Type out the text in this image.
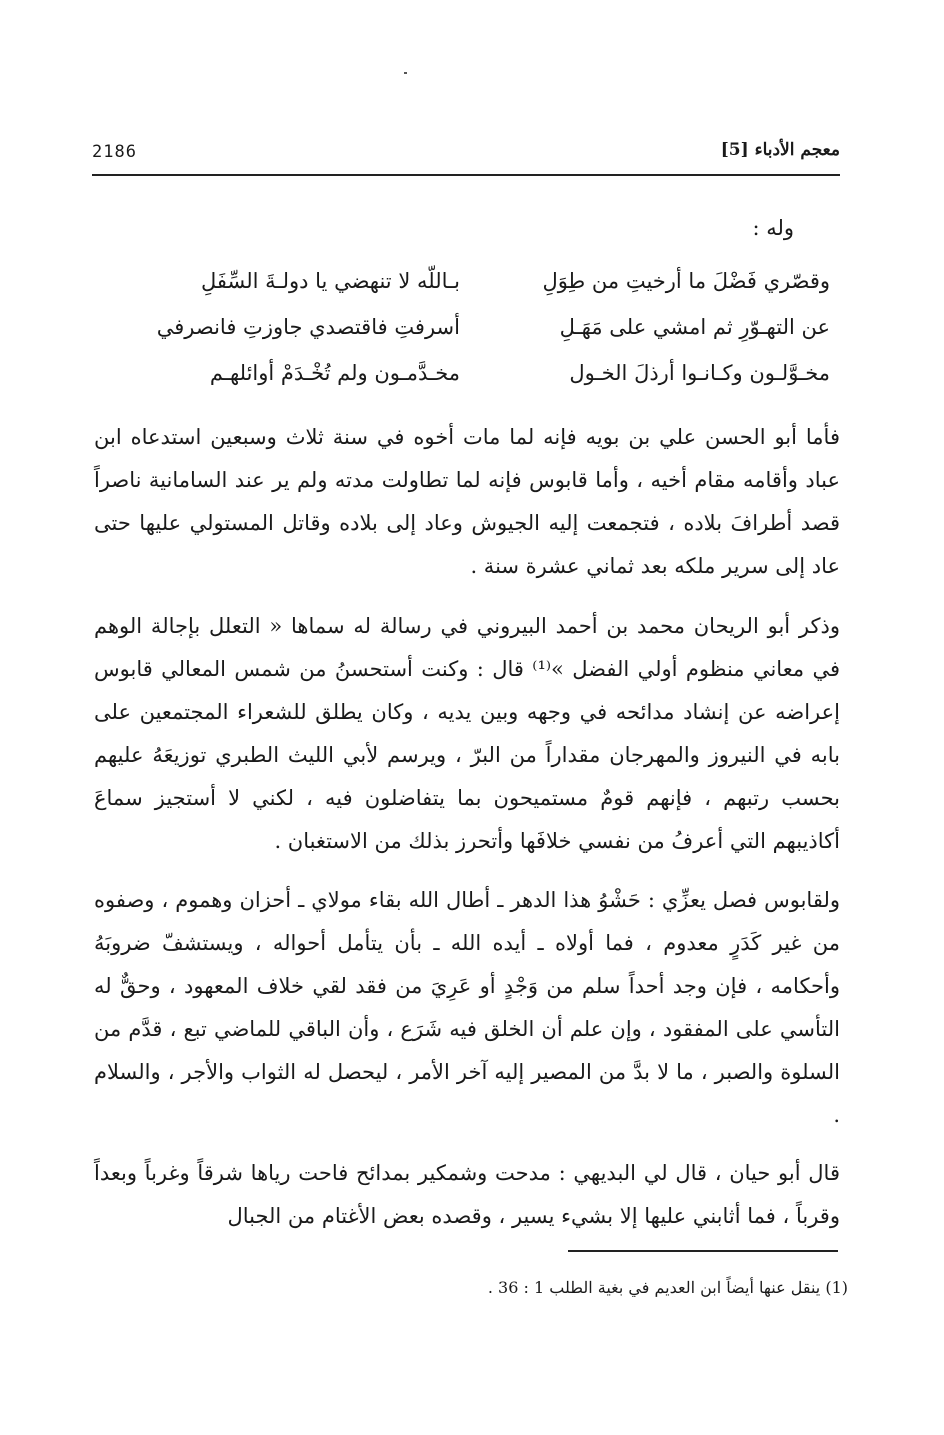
2186	معجم الأدباء [5]
وله :
بـاللّه لا تنهضي يا دولـةَ السِّفَلِ	وقصّري فَضْلَ ما أرخيتِ من طِوَلِ
أسرفتِ فاقتصدي جاوزتِ فانصرفي	عن التهـوّرِ ثم امشي على مَهَـلِ
مخـدَّمـون ولم تُخْـدَمْ أوائلهـم	مخـوَّلـون وكـانـوا أرذلَ الخـول

فأما أبو الحسن علي بن بويه فإنه لما مات أخوه في سنة ثلاث وسبعين استدعاه ابن عباد وأقامه مقام أخيه ، وأما قابوس فإنه لما تطاولت مدته ولم ير عند السامانية ناصراً قصد أطرافَ بلاده ، فتجمعت إليه الجيوش وعاد إلى بلاده وقاتل المستولي عليها حتى عاد إلى سرير ملكه بعد ثماني عشرة سنة .

وذكر أبو الريحان محمد بن أحمد البيروني في رسالة له سماها « التعلل بإجالة الوهم في معاني منظوم أولي الفضل »⁽¹⁾ قال : وكنت أستحسنُ من شمس المعالي قابوس إعراضه عن إنشاد مدائحه في وجهه وبين يديه ، وكان يطلق للشعراء المجتمعين على بابه في النيروز والمهرجان مقداراً من البرّ ، ويرسم لأبي الليث الطبري توزيعَهُ عليهم بحسب رتبهم ، فإنهم قومٌ مستميحون بما يتفاضلون فيه ، لكني لا أستجيز سماعَ أكاذيبهم التي أعرفُ من نفسي خلافَها وأتحرز بذلك من الاستغبان .

ولقابوس فصل يعزِّي : حَشْوُ هذا الدهر ـ أطال الله بقاء مولاي ـ أحزان وهموم ، وصفوه من غير كَدَرٍ معدوم ، فما أولاه ـ أيده الله ـ بأن يتأمل أحواله ، ويستشفّ ضروبَهُ وأحكامه ، فإن وجد أحداً سلم من وَجْدٍ أو عَرِيَ من فقد لقي خلاف المعهود ، وحقٌّ له التأسي على المفقود ، وإن علم أن الخلق فيه شَرَع ، وأن الباقي للماضي تبع ، قدَّم من السلوة والصبر ، ما لا بدَّ من المصير إليه آخر الأمر ، ليحصل له الثواب والأجر ، والسلام .

قال أبو حيان ، قال لي البديهي : مدحت وشمكير بمدائح فاحت رياها شرقاً وغرباً وبعداً وقرباً ، فما أثابني عليها إلا بشيء يسير ، وقصده بعض الأغتام من الجبال

(1) ينقل عنها أيضاً ابن العديم في بغية الطلب 1 : 36 .
